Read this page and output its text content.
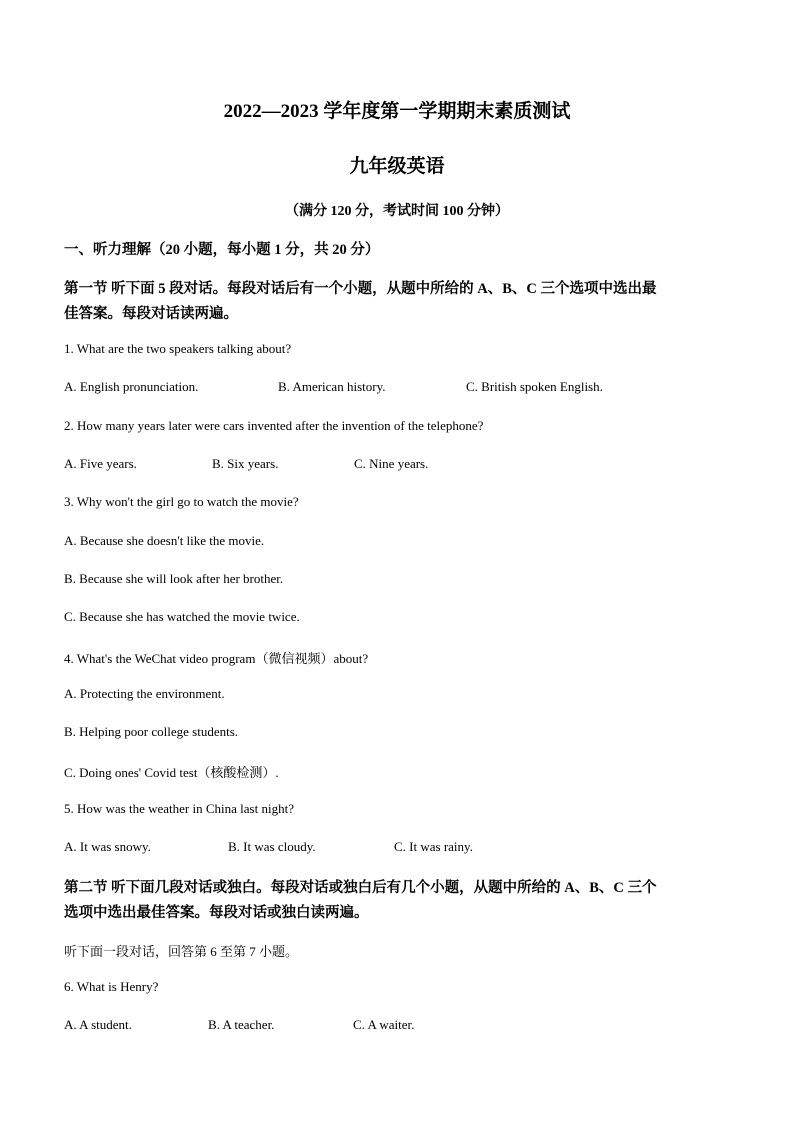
2022—2023 学年度第一学期期末素质测试
九年级英语
（满分 120 分，考试时间 100 分钟）
一、听力理解（20 小题，每小题 1 分，共 20 分）
第一节 听下面 5 段对话。每段对话后有一个小题，从题中所给的 A、B、C 三个选项中选出最
佳答案。每段对话读两遍。
1. What are the two speakers talking about?
A. English pronunciation.	B. American history.	C. British spoken English.
2. How many years later were cars invented after the invention of the telephone?
A. Five years.	B. Six years.	C. Nine years.
3. Why won't the girl go to watch the movie?
A. Because she doesn't like the movie.
B. Because she will look after her brother.
C. Because she has watched the movie twice.
4. What's the WeChat video program（微信视频）about?
A. Protecting the environment.
B. Helping poor college students.
C. Doing ones' Covid test（核酸检测）.
5. How was the weather in China last night?
A. It was snowy.	B. It was cloudy.	C. It was rainy.
第二节 听下面几段对话或独白。每段对话或独白后有几个小题，从题中所给的 A、B、C 三个
选项中选出最佳答案。每段对话或独白读两遍。
听下面一段对话，回答第 6 至第 7 小题。
6. What is Henry?
A. A student.	B. A teacher.	C. A waiter.
